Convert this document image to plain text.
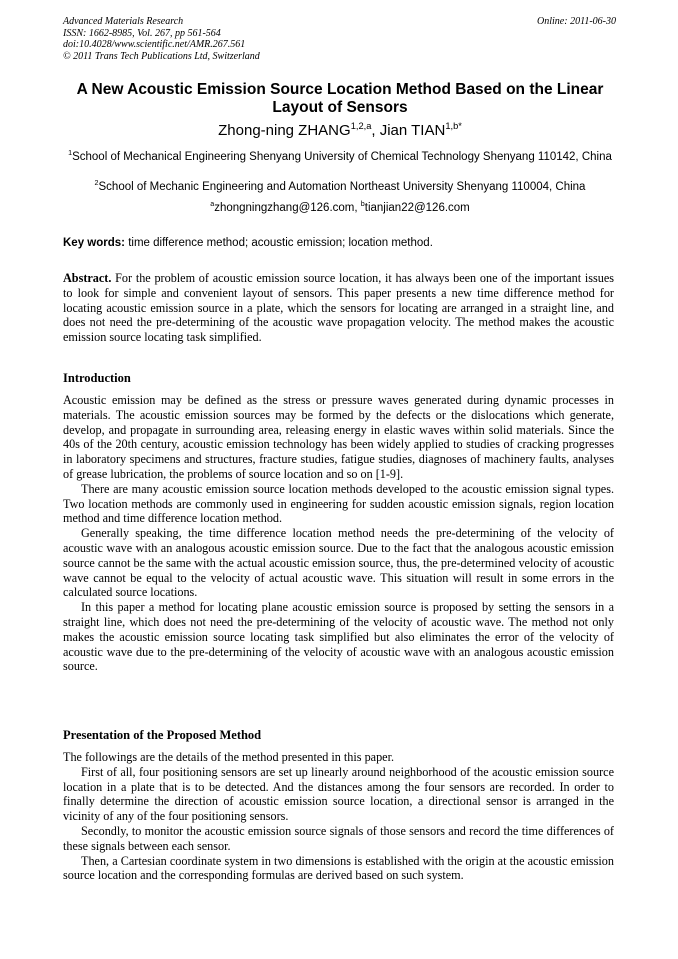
Advanced Materials Research
ISSN: 1662-8985, Vol. 267, pp 561-564
doi:10.4028/www.scientific.net/AMR.267.561
© 2011 Trans Tech Publications Ltd, Switzerland
Online: 2011-06-30
A New Acoustic Emission Source Location Method Based on the Linear Layout of Sensors
Zhong-ning ZHANG$^{1,2,a}$, Jian $TIAN^{1,b*}$
$^1$School of Mechanical Engineering Shenyang University of Chemical Technology Shenyang 110142, China
$^2$School of Mechanic Engineering and Automation Northeast University Shenyang 110004, China
$^a$zhongningzhang@126.com, $^b$tianjian22@126.com
Key words: time difference method; acoustic emission; location method.

Abstract. For the problem of acoustic emission source location, it has always been one of the important issues to look for simple and convenient layout of sensors. This paper presents a new time difference method for locating acoustic emission source in a plate, which the sensors for locating are arranged in a straight line, and does not need the pre-determining of the acoustic wave propagation velocity. The method makes the acoustic emission source locating task simplified.

Introduction

Acoustic emission may be defined as the stress or pressure waves generated during dynamic processes in materials. The acoustic emission sources may be formed by the defects or the dislocations which generate, develop, and propagate in surrounding area, releasing energy in elastic waves within solid materials. Since the 40s of the 20th century, acoustic emission technology has been widely applied to studies of cracking progresses in laboratory specimens and structures, fracture studies, fatigue studies, diagnoses of machinery faults, analyses of grease lubrication, the problems of source location and so on [1-9].

There are many acoustic emission source location methods developed to the acoustic emission signal types. Two location methods are commonly used in engineering for sudden acoustic emission signals, region location method and time difference location method.

Generally speaking, the time difference location method needs the pre-determining of the velocity of acoustic wave with an analogous acoustic emission source. Due to the fact that the analogous acoustic emission source cannot be the same with the actual acoustic emission source, thus, the pre-determined velocity of acoustic wave cannot be equal to the velocity of actual acoustic wave. This situation will result in some errors in the calculated source locations.

In this paper a method for locating plane acoustic emission source is proposed by setting the sensors in a straight line, which does not need the pre-determining of the velocity of acoustic wave. The method not only makes the acoustic emission source locating task simplified but also eliminates the error of the velocity of acoustic wave due to the pre-determining of the velocity of acoustic wave with an analogous acoustic emission source.

Presentation of the Proposed Method

The followings are the details of the method presented in this paper.

First of all, four positioning sensors are set up linearly around neighborhood of the acoustic emission source location in a plate that is to be detected. And the distances among the four sensors are recorded. In order to finally determine the direction of acoustic emission source location, a directional sensor is arranged in the vicinity of any of the four positioning sensors.

Secondly, to monitor the acoustic emission source signals of those sensors and record the time differences of these signals between each sensor.

Then, a Cartesian coordinate system in two dimensions is established with the origin at the acoustic emission source location and the corresponding formulas are derived based on such system.
